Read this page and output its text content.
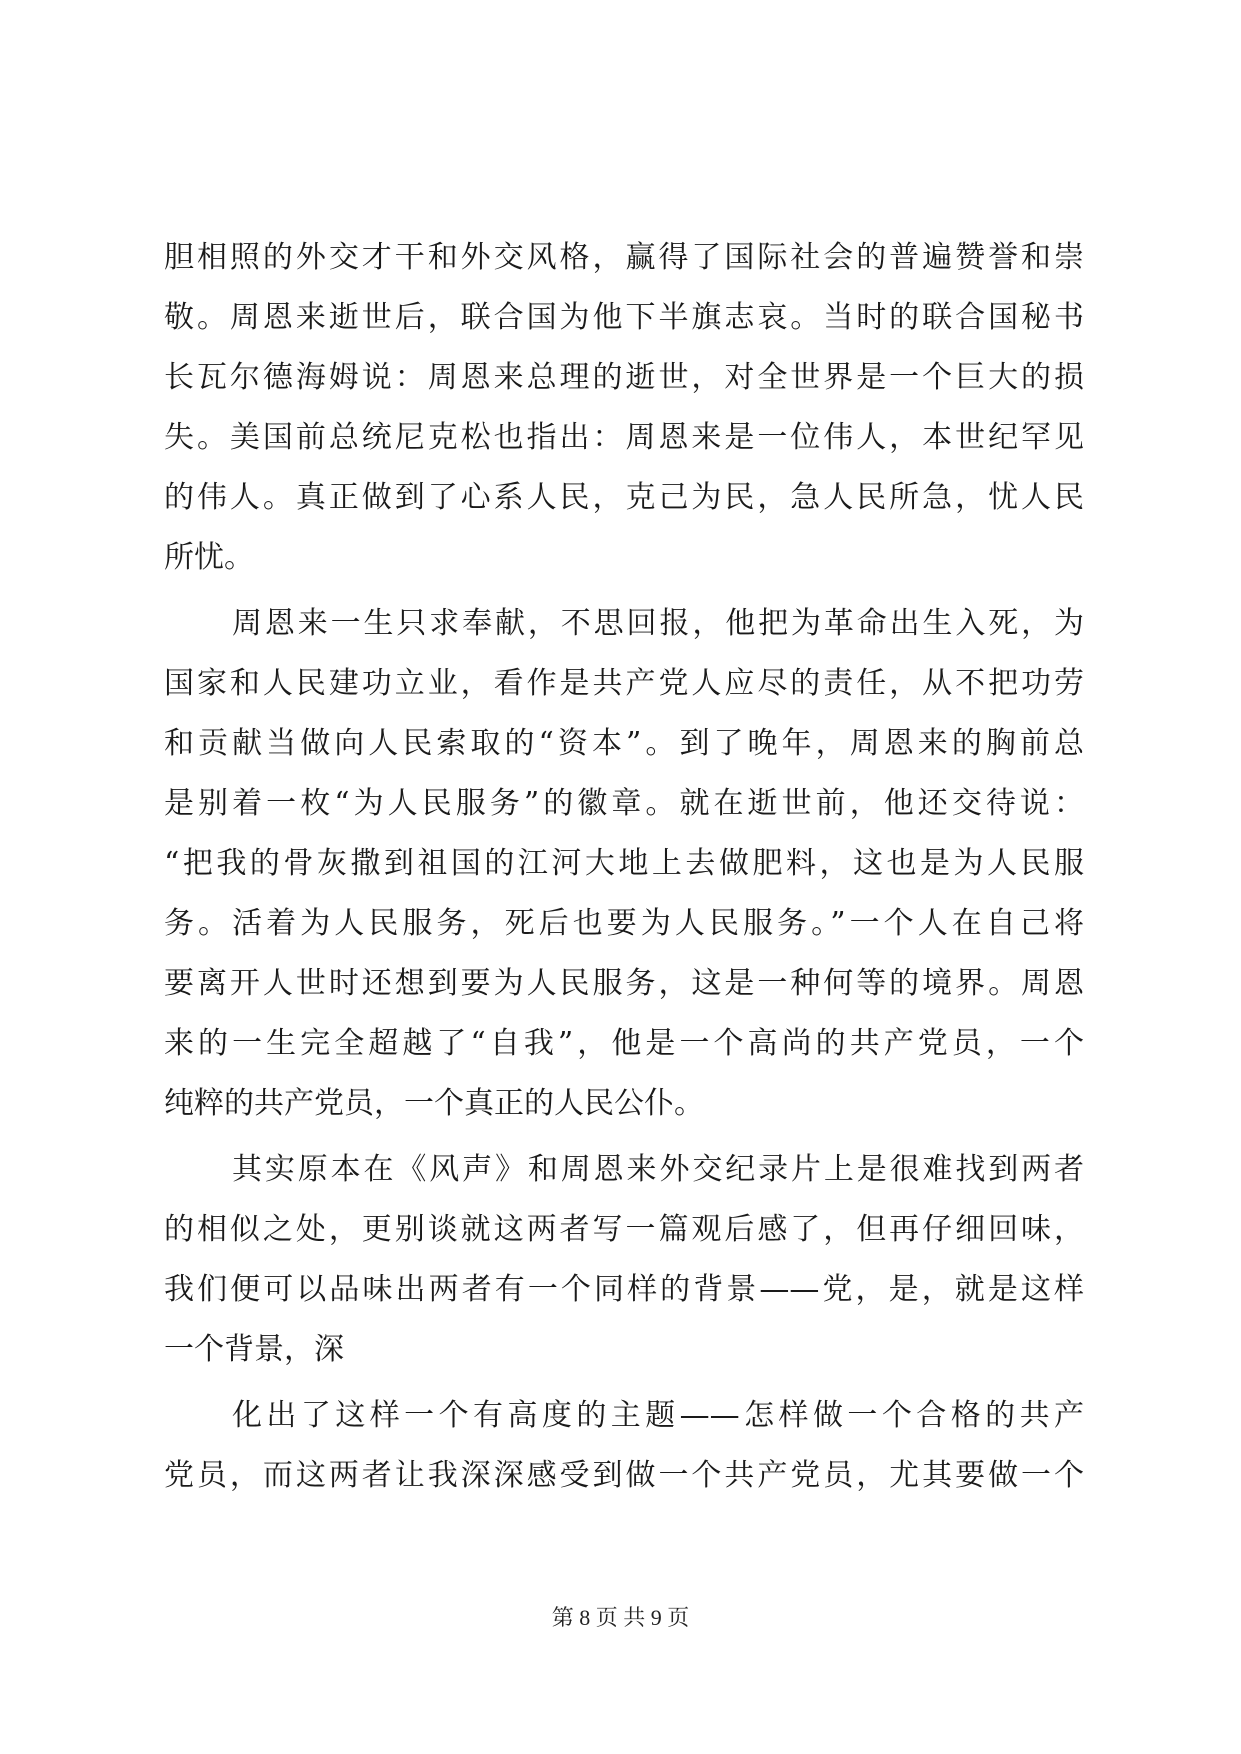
胆相照的外交才干和外交风格，赢得了国际社会的普遍赞誉和崇
敬。周恩来逝世后，联合国为他下半旗志哀。当时的联合国秘书
长瓦尔德海姆说：周恩来总理的逝世，对全世界是一个巨大的损
失。美国前总统尼克松也指出：周恩来是一位伟人，本世纪罕见
的伟人。真正做到了心系人民，克己为民，急人民所急，忧人民
所忧。
周恩来一生只求奉献，不思回报，他把为革命出生入死，为
国家和人民建功立业，看作是共产党人应尽的责任，从不把功劳
和贡献当做向人民索取的“资本”。到了晚年，周恩来的胸前总
是别着一枚“为人民服务”的徽章。就在逝世前，他还交待说：
“把我的骨灰撒到祖国的江河大地上去做肥料，这也是为人民服
务。活着为人民服务，死后也要为人民服务。”一个人在自己将
要离开人世时还想到要为人民服务，这是一种何等的境界。周恩
来的一生完全超越了“自我”，他是一个高尚的共产党员，一个
纯粹的共产党员，一个真正的人民公仆。
其实原本在《风声》和周恩来外交纪录片上是很难找到两者
的相似之处，更别谈就这两者写一篇观后感了，但再仔细回味，
我们便可以品味出两者有一个同样的背景——党，是，就是这样
一个背景，深
化出了这样一个有高度的主题——怎样做一个合格的共产
党员，而这两者让我深深感受到做一个共产党员，尤其要做一个
第 8 页 共 9 页
